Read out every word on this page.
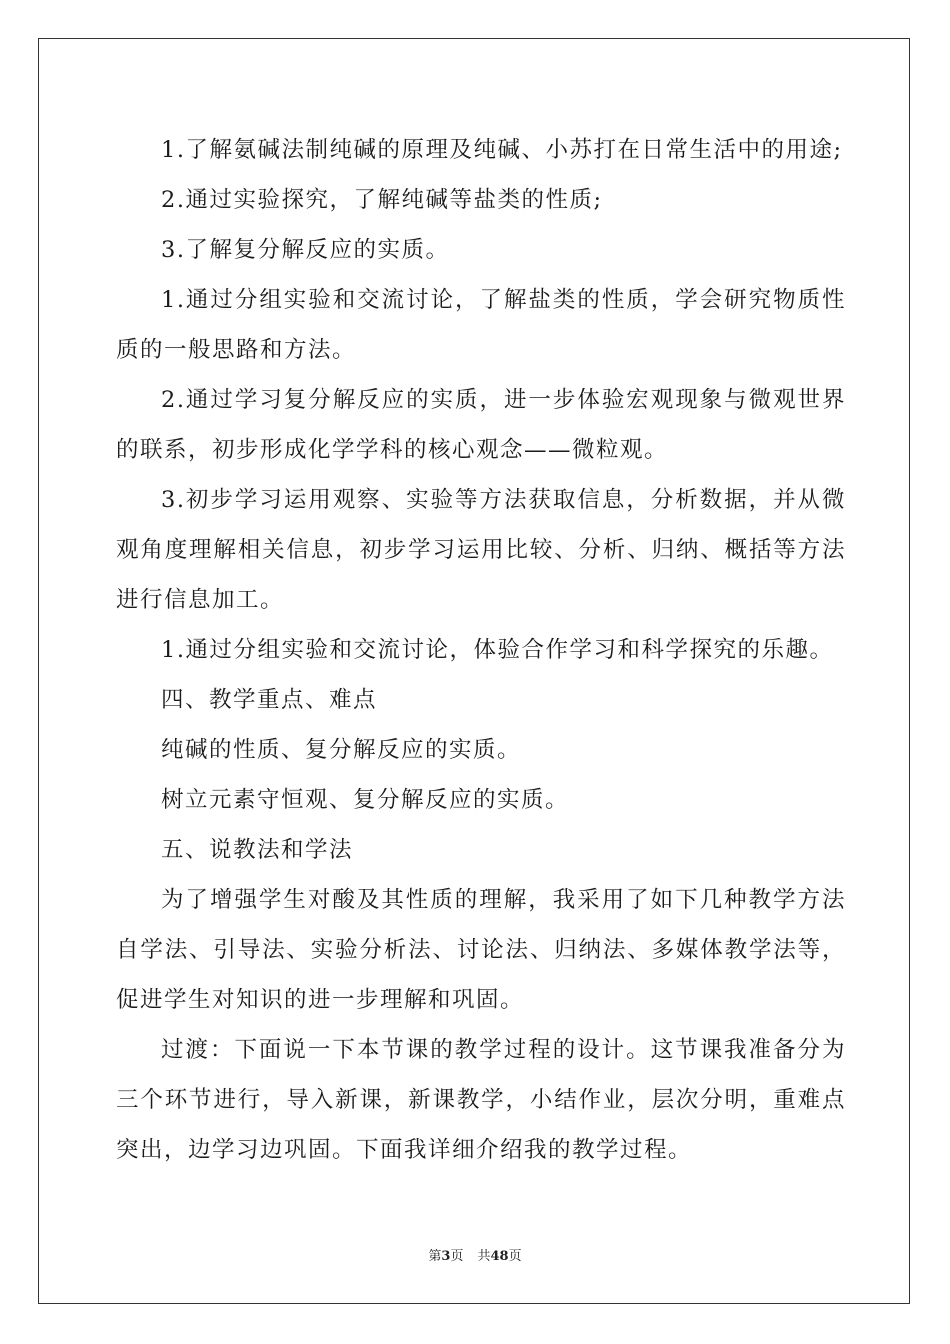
1.了解氨碱法制纯碱的原理及纯碱、小苏打在日常生活中的用途;

2.通过实验探究，了解纯碱等盐类的性质;

3.了解复分解反应的实质。

1.通过分组实验和交流讨论，了解盐类的性质，学会研究物质性质的一般思路和方法。

2.通过学习复分解反应的实质，进一步体验宏观现象与微观世界的联系，初步形成化学学科的核心观念——微粒观。

3.初步学习运用观察、实验等方法获取信息，分析数据，并从微观角度理解相关信息，初步学习运用比较、分析、归纳、概括等方法进行信息加工。

1.通过分组实验和交流讨论，体验合作学习和科学探究的乐趣。

四、教学重点、难点

纯碱的性质、复分解反应的实质。

树立元素守恒观、复分解反应的实质。

五、说教法和学法

为了增强学生对酸及其性质的理解，我采用了如下几种教学方法自学法、引导法、实验分析法、讨论法、归纳法、多媒体教学法等，促进学生对知识的进一步理解和巩固。

过渡：下面说一下本节课的教学过程的设计。这节课我准备分为三个环节进行，导入新课，新课教学，小结作业，层次分明，重难点突出，边学习边巩固。下面我详细介绍我的教学过程。

第3页 共48页
